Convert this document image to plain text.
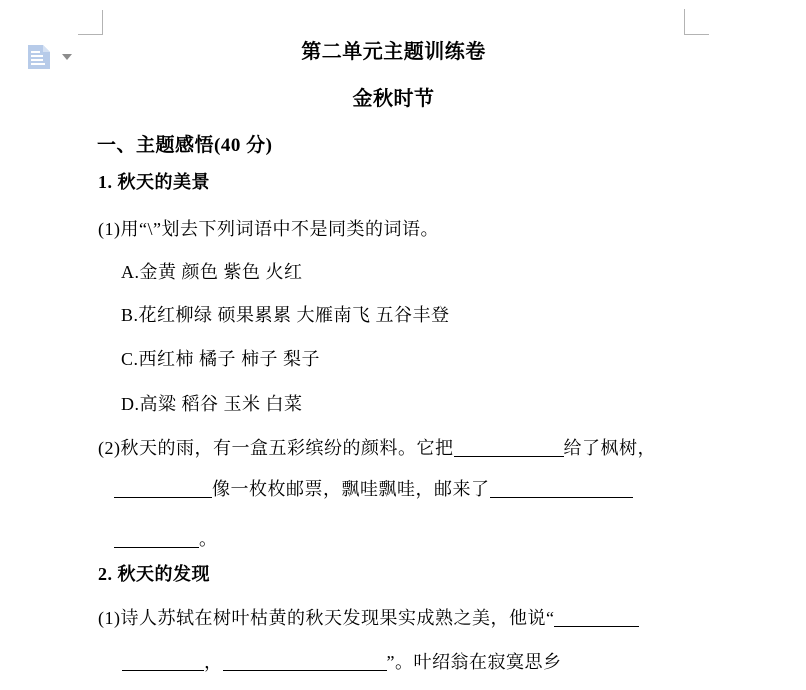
第二单元主题训练卷
金秋时节
一、主题感悟(40 分)
1. 秋天的美景
(1)用“\”划去下列词语中不是同类的词语。
A.金黄 颜色 紫色 火红
B.花红柳绿 硕果累累 大雁南飞 五谷丰登
C.西红柿 橘子 柿子 梨子
D.高粱 稻谷 玉米 白菜
(2)秋天的雨，有一盒五彩缤纷的颜料。它把	给了枫树，
像一枚枚邮票，飘哇飘哇，邮来了
。
2. 秋天的发现
(1)诗人苏轼在树叶枯黄的秋天发现果实成熟之美，他说“
，	”。叶绍翁在寂寞思乡
